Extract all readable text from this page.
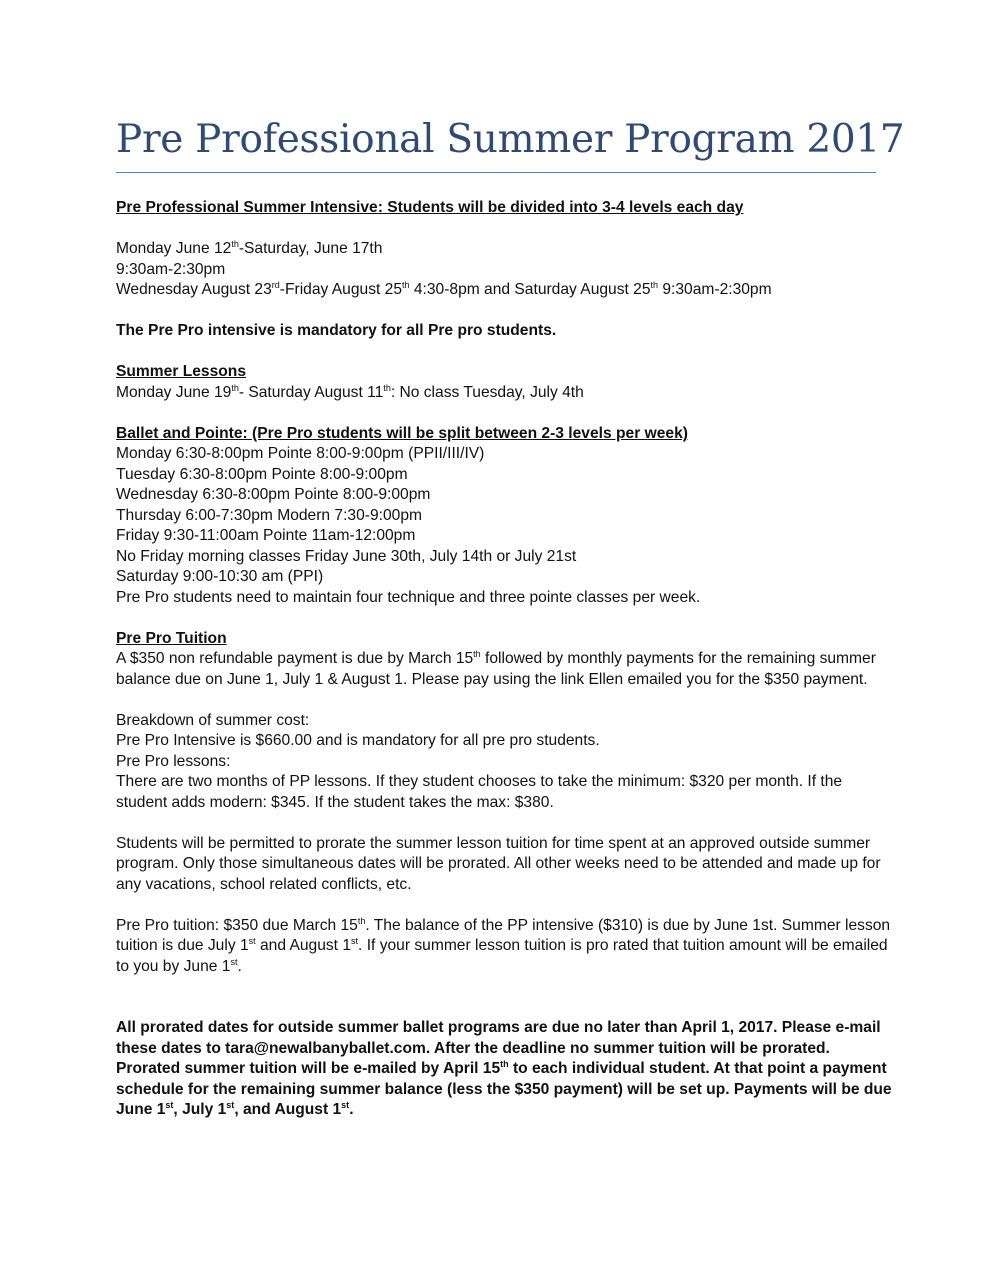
Pre Professional Summer Program 2017

Pre Professional Summer Intensive: Students will be divided into 3-4 levels each day

Monday June 12th-Saturday, June 17th

9:30am-2:30pm

Wednesday August 23rd-Friday August 25th 4:30-8pm and Saturday August 25th 9:30am-2:30pm

The Pre Pro intensive is mandatory for all Pre pro students.

Summer Lessons

Monday June 19th- Saturday August 11th: No class Tuesday, July 4th

Ballet and Pointe: (Pre Pro students will be split between 2-3 levels per week)

Monday 6:30-8:00pm Pointe 8:00-9:00pm (PPII/III/IV)

Tuesday 6:30-8:00pm Pointe 8:00-9:00pm

Wednesday 6:30-8:00pm Pointe 8:00-9:00pm

Thursday 6:00-7:30pm Modern 7:30-9:00pm

Friday 9:30-11:00am Pointe 11am-12:00pm

No Friday morning classes Friday June 30th, July 14th or July 21st

Saturday 9:00-10:30 am (PPI)

Pre Pro students need to maintain four technique and three pointe classes per week.

Pre Pro Tuition

A $350 non refundable payment is due by March 15th followed by monthly payments for the remaining summer balance due on June 1, July 1 & August 1. Please pay using the link Ellen emailed you for the $350 payment.

Breakdown of summer cost:

Pre Pro Intensive is $660.00 and is mandatory for all pre pro students.

Pre Pro lessons:

There are two months of PP lessons. If they student chooses to take the minimum: $320 per month. If the student adds modern: $345. If the student takes the max: $380.

Students will be permitted to prorate the summer lesson tuition for time spent at an approved outside summer program. Only those simultaneous dates will be prorated. All other weeks need to be attended and made up for any vacations, school related conflicts, etc.

Pre Pro tuition: $350 due March 15th. The balance of the PP intensive ($310) is due by June 1st. Summer lesson tuition is due July 1st and August 1st. If your summer lesson tuition is pro rated that tuition amount will be emailed to you by June 1st.

All prorated dates for outside summer ballet programs are due no later than April 1, 2017. Please e-mail these dates to tara@newalbanyballet.com. After the deadline no summer tuition will be prorated. Prorated summer tuition will be e-mailed by April 15th to each individual student. At that point a payment schedule for the remaining summer balance (less the $350 payment) will be set up. Payments will be due June 1st, July 1st, and August 1st.
